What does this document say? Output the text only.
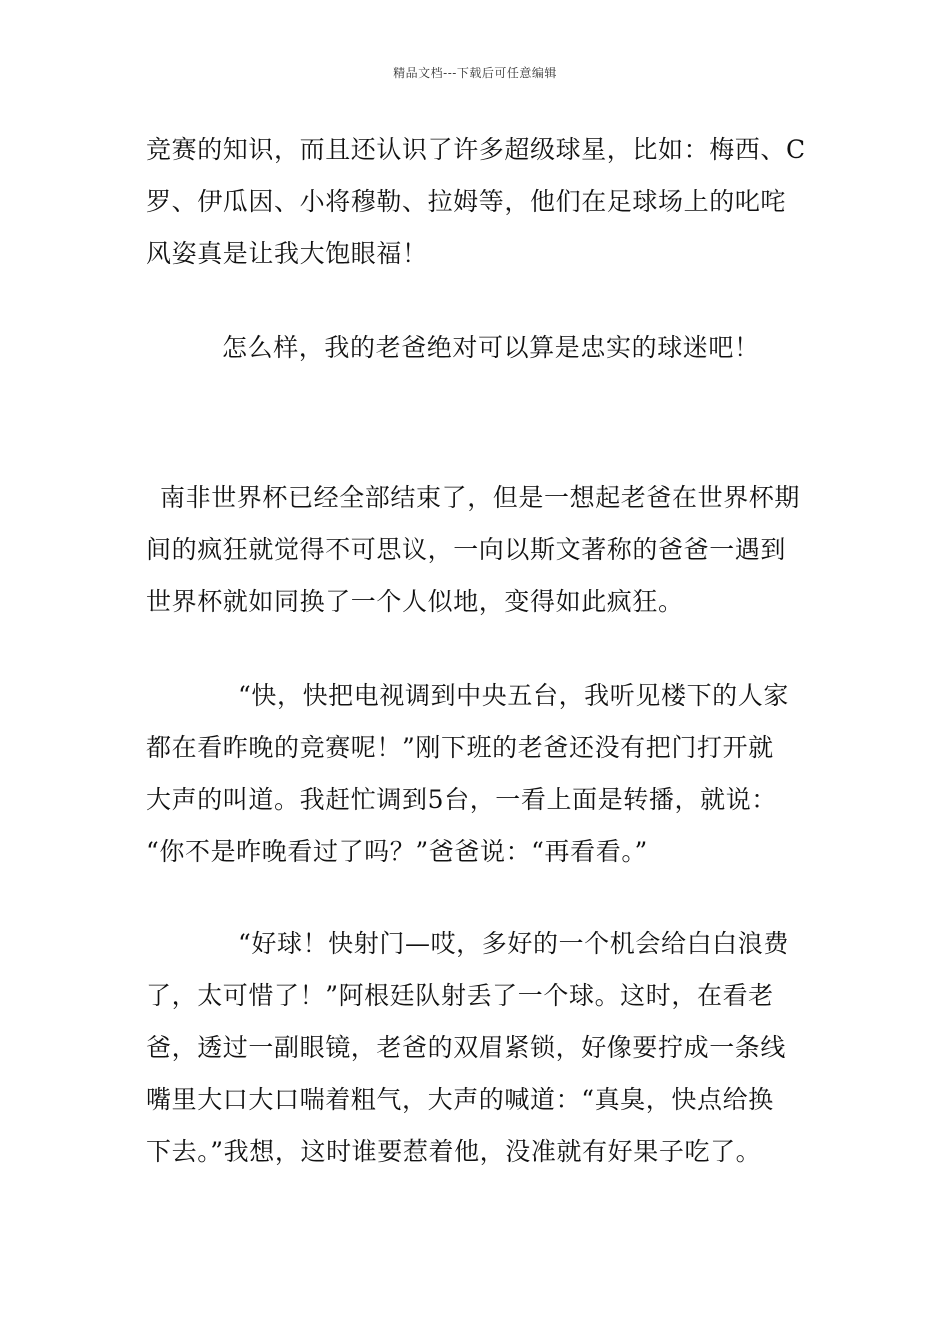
精品文档---下载后可任意编辑
竞赛的知识，而且还认识了许多超级球星，比如：梅西、C
罗、伊瓜因、小将穆勒、拉姆等，他们在足球场上的叱咤
风姿真是让我大饱眼福！
怎么样，我的老爸绝对可以算是忠实的球迷吧！
南非世界杯已经全部结束了，但是一想起老爸在世界杯期
间的疯狂就觉得不可思议，一向以斯文著称的爸爸一遇到
世界杯就如同换了一个人似地，变得如此疯狂。
“快，快把电视调到中央五台，我听见楼下的人家
都在看昨晚的竞赛呢！”刚下班的老爸还没有把门打开就
大声的叫道。我赶忙调到5台，一看上面是转播，就说：
“你不是昨晚看过了吗？”爸爸说：“再看看。”
“好球！快射门—哎，多好的一个机会给白白浪费
了，太可惜了！”阿根廷队射丢了一个球。这时，在看老
爸，透过一副眼镜，老爸的双眉紧锁，好像要拧成一条线
嘴里大口大口喘着粗气，大声的喊道：“真臭，快点给换
下去。”我想，这时谁要惹着他，没准就有好果子吃了。
